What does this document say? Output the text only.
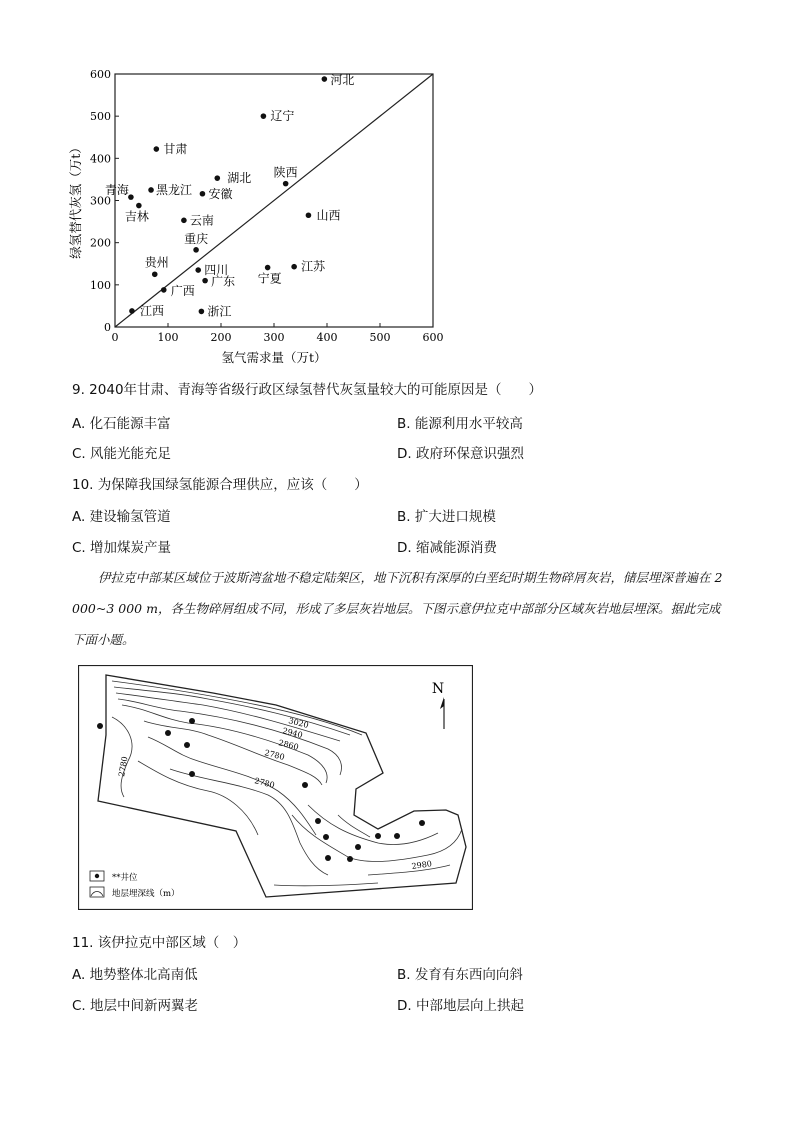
0	100	200	300	400	500	600
0
100
200
300
400
500
600	河北
辽宁
甘肃
湖北 陕西
青海 黑龙江 安徽
吉林	山西
云南
重庆
贵州
四川
宁夏
江苏
广西
广东
江西	浙江
氢气需求量（万t）
绿氢替代灰氢（万t）
9. 2040年甘肃、青海等省级行政区绿氢替代灰氢量较大的可能原因是（　　）
A. 化石能源丰富	B. 能源利用水平较高
C. 风能光能充足	D. 政府环保意识强烈
10. 为保障我国绿氢能源合理供应，应该（　　）
A. 建设输氢管道	B. 扩大进口规模
C. 增加煤炭产量	D. 缩减能源消费
伊拉克中部某区域位于波斯湾盆地不稳定陆架区，地下沉积有深厚的白垩纪时期生物碎屑灰岩，储层埋深普遍在 2 000~3 000 m，各生物碎屑组成不同，形成了多层灰岩地层。下图示意伊拉克中部部分区域灰岩地层埋深。据此完成下面小题。
3020
2940
2860
2780
2780
2780
2980
N
**井位
地层埋深线（m）
11. 该伊拉克中部区域（　）
A. 地势整体北高南低	B. 发育有东西向向斜
C. 地层中间新两翼老	D. 中部地层向上拱起
